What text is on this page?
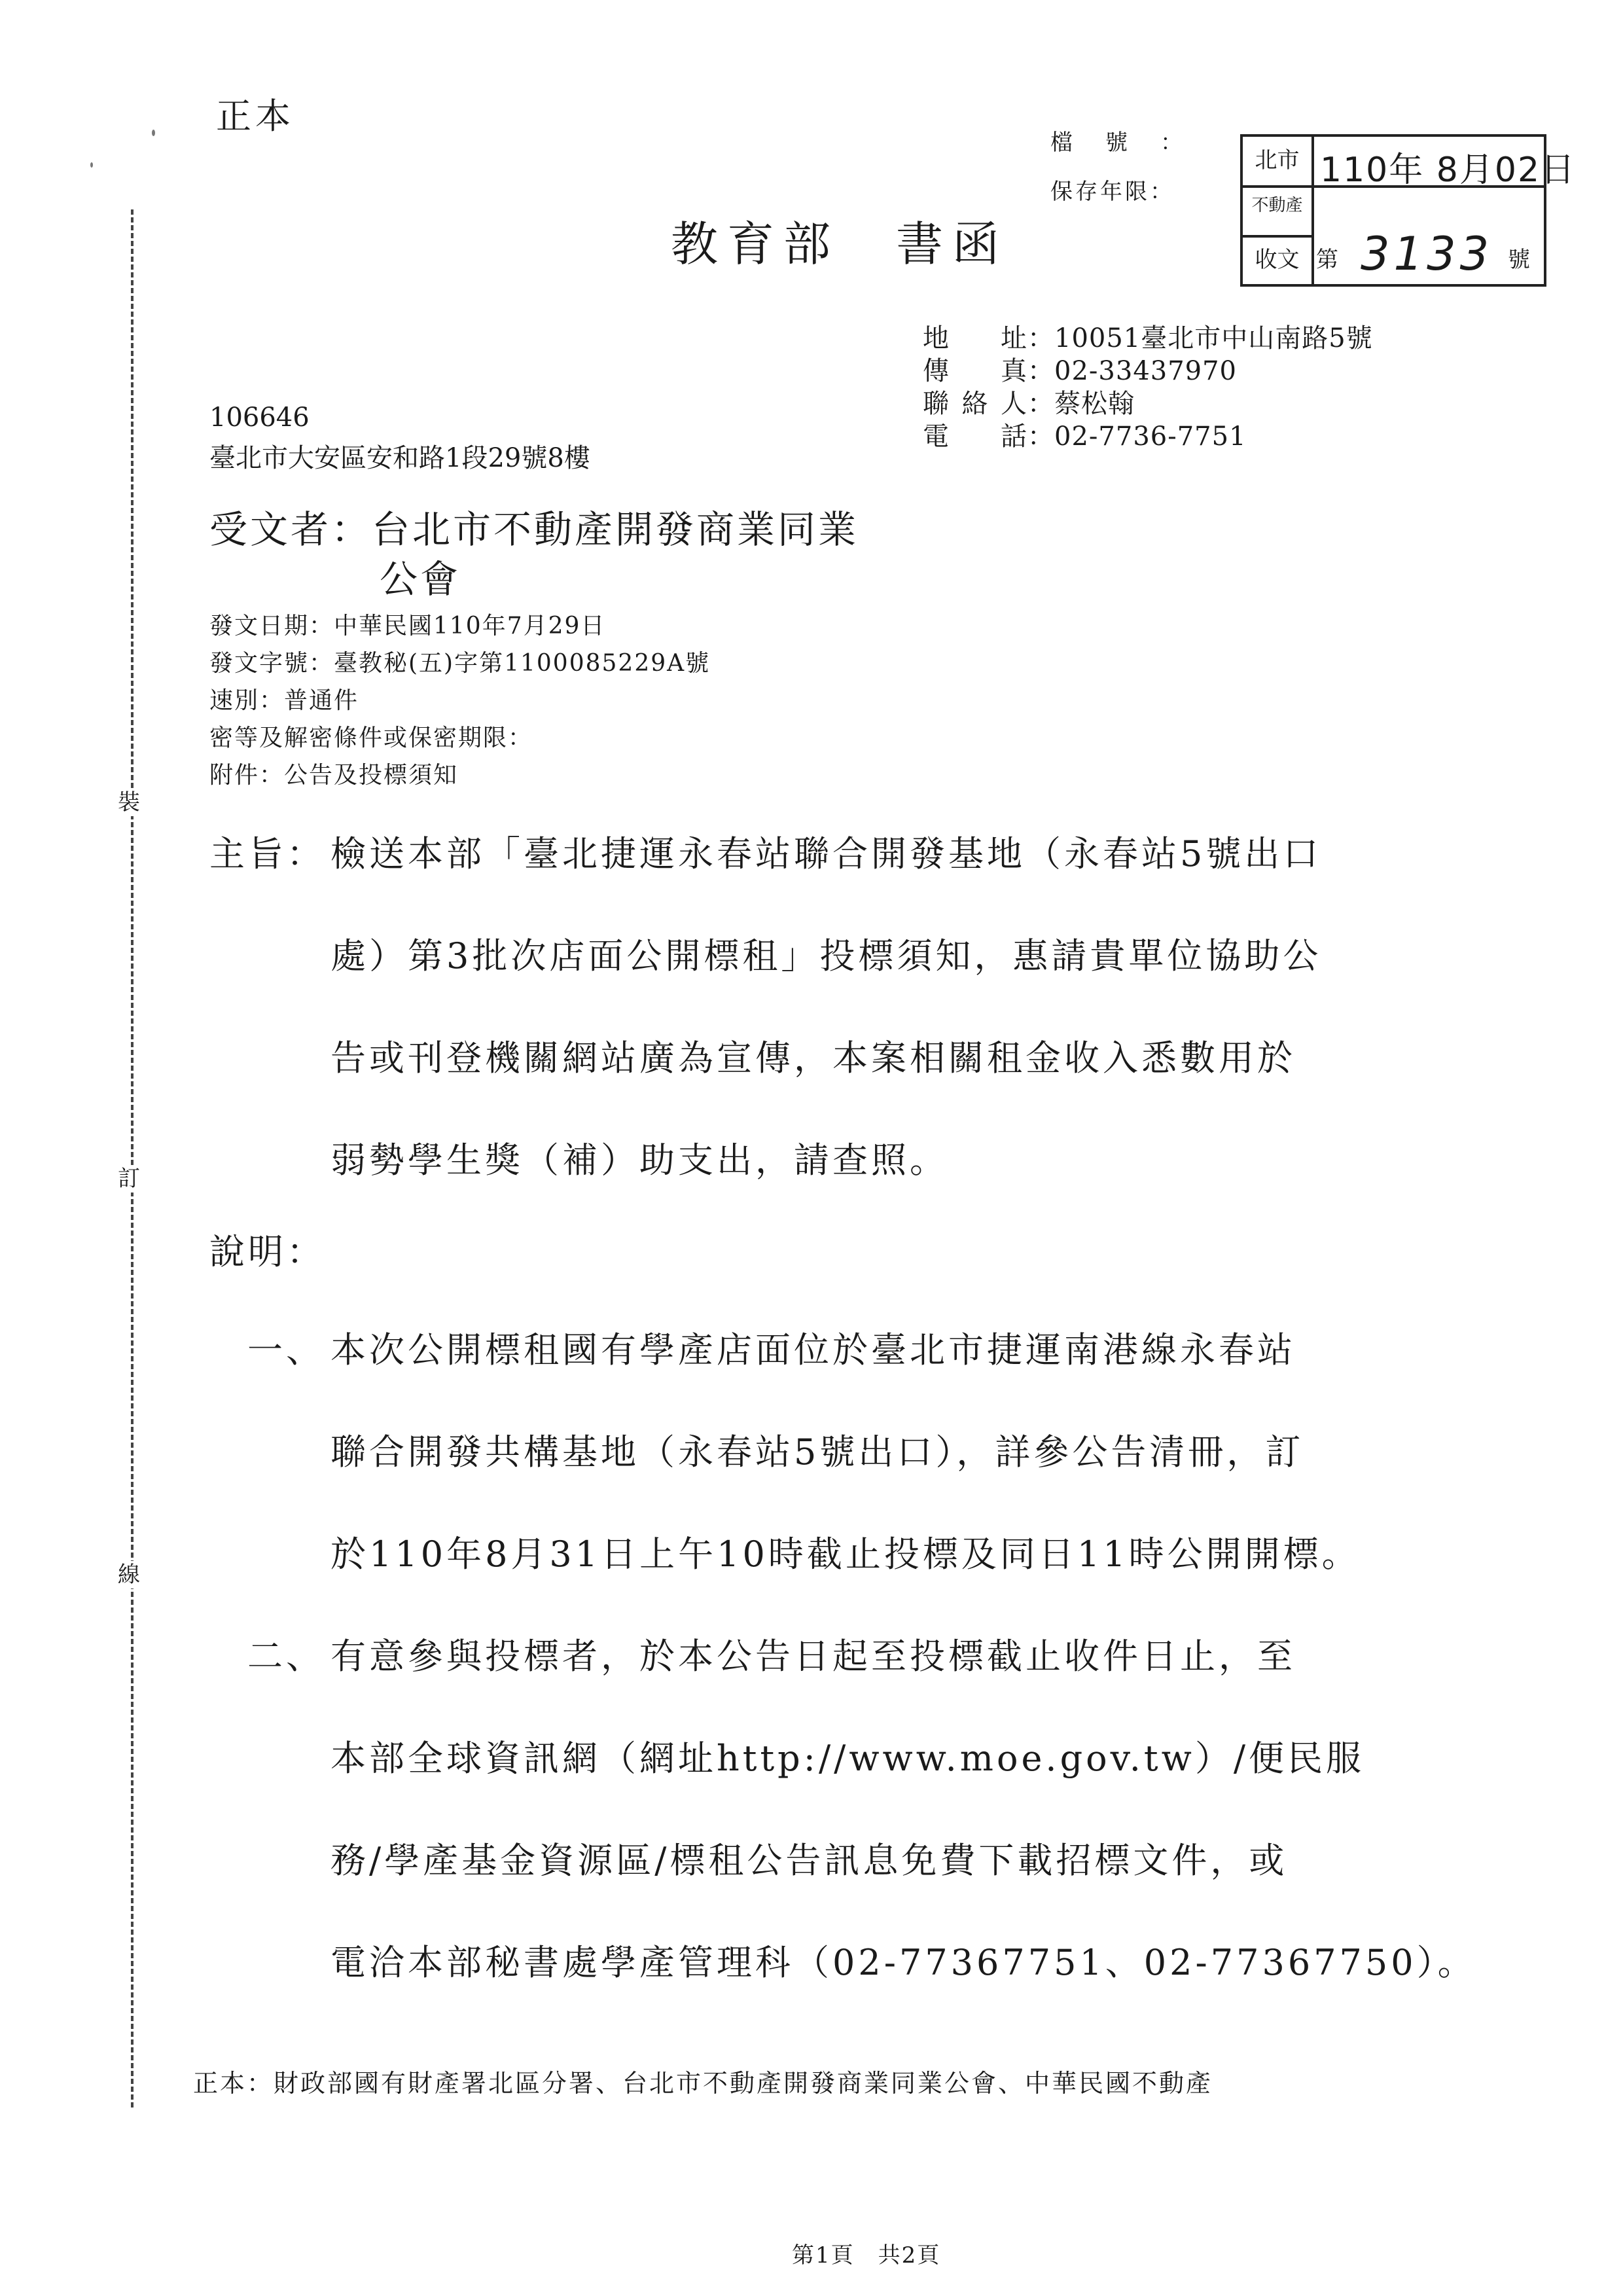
裝
訂
線
正本
檔號：
保存年限：
北市
不動產
收文
110年 8月02日
第 3133 號
教育部　書函
地址：10051臺北市中山南路5號
傳真：02-33437970
聯絡人：蔡松翰
電話：02-7736-7751
106646
臺北市大安區安和路1段29號8樓
受文者：台北市不動產開發商業同業
公會
發文日期：中華民國110年7月29日
發文字號：臺教秘(五)字第1100085229A號
速別：普通件
密等及解密條件或保密期限：
附件：公告及投標須知
主旨： 檢送本部「臺北捷運永春站聯合開發基地（永春站5號出口
處）第3批次店面公開標租」投標須知，惠請貴單位協助公
告或刊登機關網站廣為宣傳，本案相關租金收入悉數用於
弱勢學生獎（補）助支出，請查照。
說明：
一、 本次公開標租國有學產店面位於臺北市捷運南港線永春站
聯合開發共構基地（永春站5號出口），詳參公告清冊，訂
於110年8月31日上午10時截止投標及同日11時公開開標。
二、 有意參與投標者，於本公告日起至投標截止收件日止，至
本部全球資訊網（網址http://www.moe.gov.tw）/便民服
務/學產基金資源區/標租公告訊息免費下載招標文件，或
電洽本部秘書處學產管理科（02-77367751、02-77367750）。
正本：財政部國有財產署北區分署、台北市不動產開發商業同業公會、中華民國不動產
第1頁　共2頁
